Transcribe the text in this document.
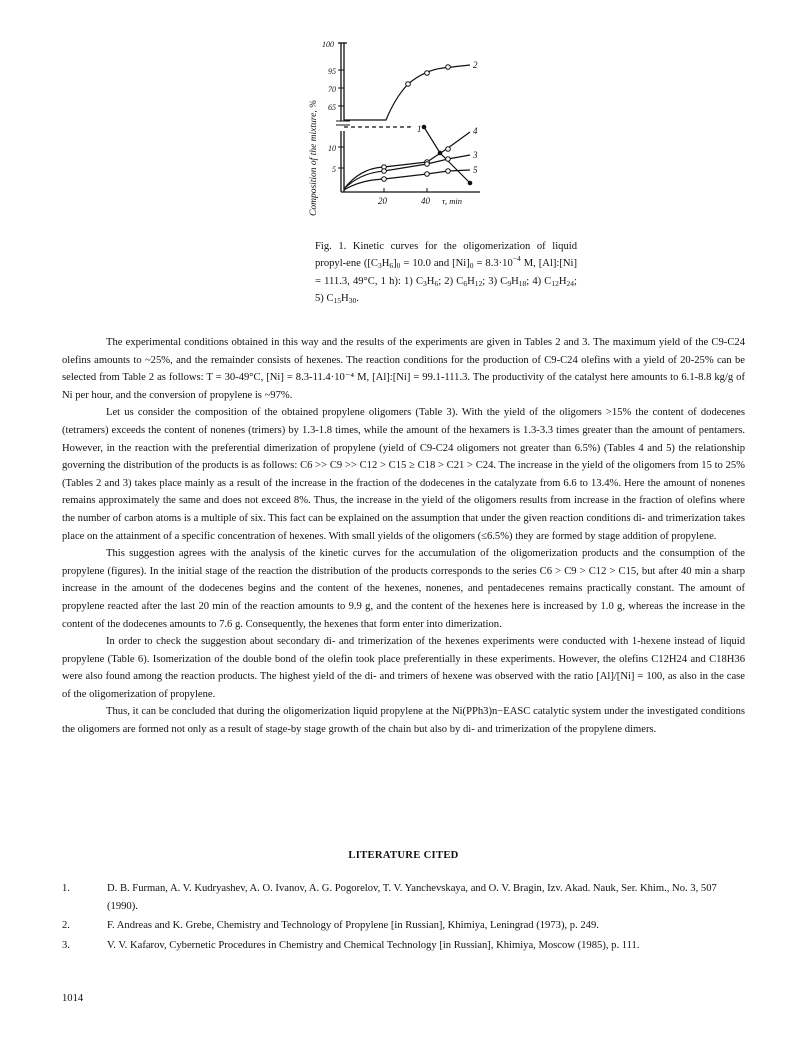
Composition of the mixture, %
100
95
70
65
10
5
20	40 τ, min
2
1	4
3
5
Fig. 1. Kinetic curves for the oligomerization of liquid propyl-ene ($[C_3H_6]_0 = 10.0$ and $[Ni]_0 = 8.3\cdot 10^{-4}$ M, [Al]:[Ni] = 111.3, 49°C, 1 h): 1) $C_3H_6$; 2) $C_6H_{12}$; 3) $C_9H_{18}$; 4) $C_{12}H_{24}$; 5) $C_{15}H_{30}$.

The experimental conditions obtained in this way and the results of the experiments are given in Tables 2 and 3. The maximum yield of the C9-C24 olefins amounts to ~25%, and the remainder consists of hexenes. The reaction conditions for the production of C9-C24 olefins with a yield of 20-25% can be selected from Table 2 as follows: T = 30-49°C, [Ni] = 8.3-11.4·10⁻⁴ M, [Al]:[Ni] = 99.1-111.3. The productivity of the catalyst here amounts to 6.1-8.8 kg/g of Ni per hour, and the conversion of propylene is ~97%.

Let us consider the composition of the obtained propylene oligomers (Table 3). With the yield of the oligomers >15% the content of dodecenes (tetramers) exceeds the content of nonenes (trimers) by 1.3-1.8 times, while the amount of the hexamers is 1.3-3.3 times greater than the amount of pentamers. However, in the reaction with the preferential dimerization of propylene (yield of C9-C24 oligomers not greater than 6.5%) (Tables 4 and 5) the relationship governing the distribution of the products is as follows: C6 >> C9 >> C12 > C15 ≥ C18 > C21 > C24. The increase in the yield of the oligomers from 15 to 25% (Tables 2 and 3) takes place mainly as a result of the increase in the fraction of the dodecenes in the catalyzate from 6.6 to 13.4%. Here the amount of nonenes remains approximately the same and does not exceed 8%. Thus, the increase in the yield of the oligomers results from increase in the fraction of olefins where the number of carbon atoms is a multiple of six. This fact can be explained on the assumption that under the given reaction conditions di- and trimerization takes place on the attainment of a specific concentration of hexenes. With small yields of the oligomers (≤6.5%) they are formed by stage addition of propylene.

This suggestion agrees with the analysis of the kinetic curves for the accumulation of the oligomerization products and the consumption of the propylene (figures). In the initial stage of the reaction the distribution of the products corresponds to the series C6 > C9 > C12 > C15, but after 40 min a sharp increase in the amount of the dodecenes begins and the content of the hexenes, nonenes, and pentadecenes remains practically constant. The amount of propylene reacted after the last 20 min of the reaction amounts to 9.9 g, and the content of the hexenes here is increased by 1.0 g, whereas the increase in the content of the dodecenes amounts to 7.6 g. Consequently, the hexenes that form enter into dimerization.

In order to check the suggestion about secondary di- and trimerization of the hexenes experiments were conducted with 1-hexene instead of liquid propylene (Table 6). Isomerization of the double bond of the olefin took place preferentially in these experiments. However, the olefins C12H24 and C18H36 were also found among the reaction products. The highest yield of the di- and trimers of hexene was observed with the ratio [Al]/[Ni] = 100, as also in the case of the oligomerization of propylene.

Thus, it can be concluded that during the oligomerization liquid propylene at the Ni(PPh3)n−EASC catalytic system under the investigated conditions the oligomers are formed not only as a result of stage-by stage growth of the chain but also by di- and trimerization of the propylene dimers.

LITERATURE CITED
1.	D. B. Furman, A. V. Kudryashev, A. O. Ivanov, A. G. Pogorelov, T. V. Yanchevskaya, and O. V. Bragin, Izv. Akad. Nauk, Ser. Khim., No. 3, 507 (1990).
2.	F. Andreas and K. Grebe, Chemistry and Technology of Propylene [in Russian], Khimiya, Leningrad (1973), p. 249.
3.	V. V. Kafarov, Cybernetic Procedures in Chemistry and Chemical Technology [in Russian], Khimiya, Moscow (1985), p. 111.
1014
